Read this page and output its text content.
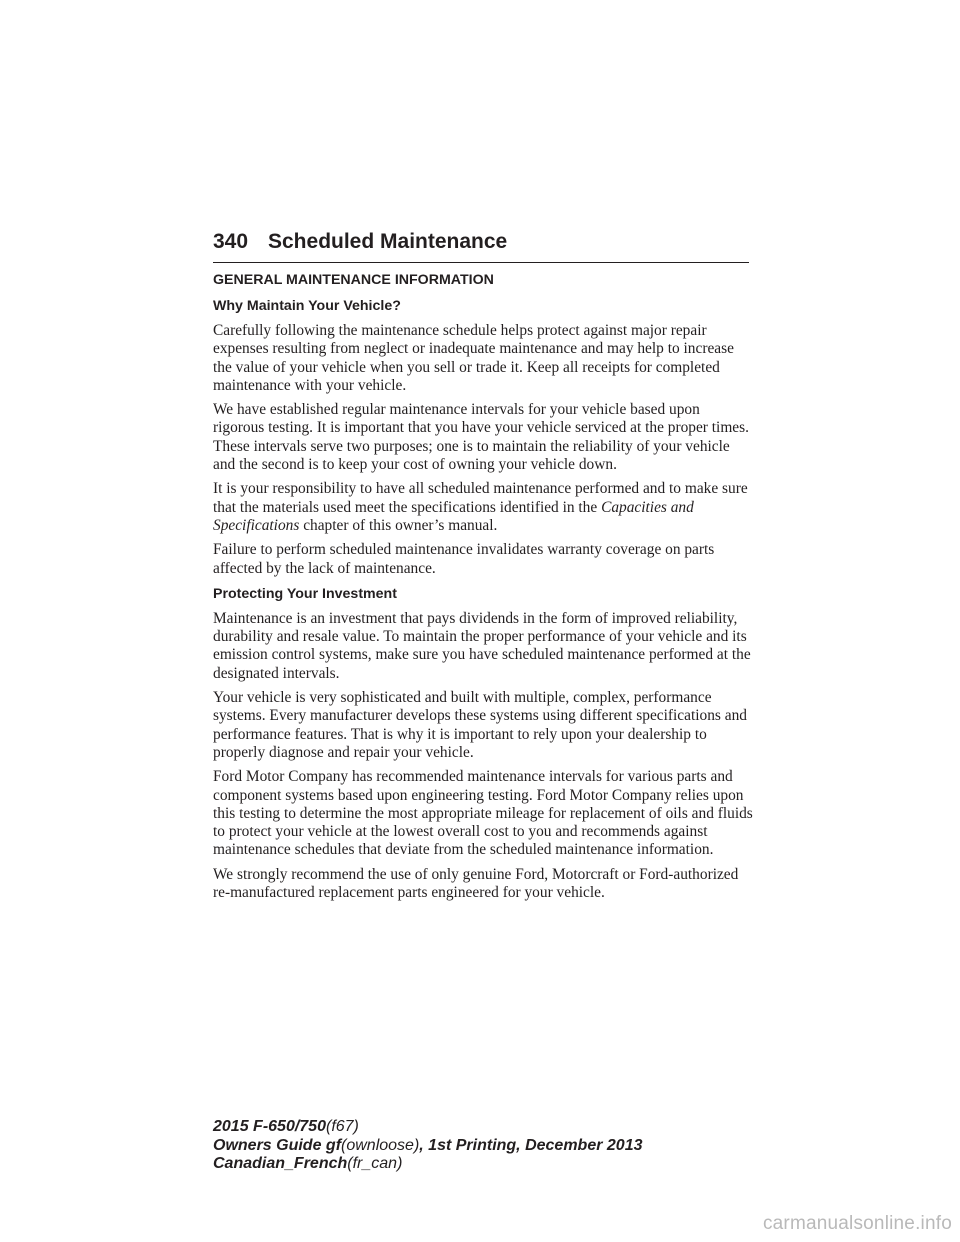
340 Scheduled Maintenance
GENERAL MAINTENANCE INFORMATION
Why Maintain Your Vehicle?

Carefully following the maintenance schedule helps protect against major repair expenses resulting from neglect or inadequate maintenance and may help to increase the value of your vehicle when you sell or trade it. Keep all receipts for completed maintenance with your vehicle.

We have established regular maintenance intervals for your vehicle based upon rigorous testing. It is important that you have your vehicle serviced at the proper times. These intervals serve two purposes; one is to maintain the reliability of your vehicle and the second is to keep your cost of owning your vehicle down.

It is your responsibility to have all scheduled maintenance performed and to make sure that the materials used meet the specifications identified in the Capacities and Specifications chapter of this owner’s manual.

Failure to perform scheduled maintenance invalidates warranty coverage on parts affected by the lack of maintenance.

Protecting Your Investment

Maintenance is an investment that pays dividends in the form of improved reliability, durability and resale value. To maintain the proper performance of your vehicle and its emission control systems, make sure you have scheduled maintenance performed at the designated intervals.

Your vehicle is very sophisticated and built with multiple, complex, performance systems. Every manufacturer develops these systems using different specifications and performance features. That is why it is important to rely upon your dealership to properly diagnose and repair your vehicle.

Ford Motor Company has recommended maintenance intervals for various parts and component systems based upon engineering testing. Ford Motor Company relies upon this testing to determine the most appropriate mileage for replacement of oils and fluids to protect your vehicle at the lowest overall cost to you and recommends against maintenance schedules that deviate from the scheduled maintenance information.

We strongly recommend the use of only genuine Ford, Motorcraft or Ford-authorized re-manufactured replacement parts engineered for your vehicle.

2015 F-650/750(f67)
Owners Guide gf(ownloose), 1st Printing, December 2013
Canadian_French(fr_can)
carmanualsonline.info
